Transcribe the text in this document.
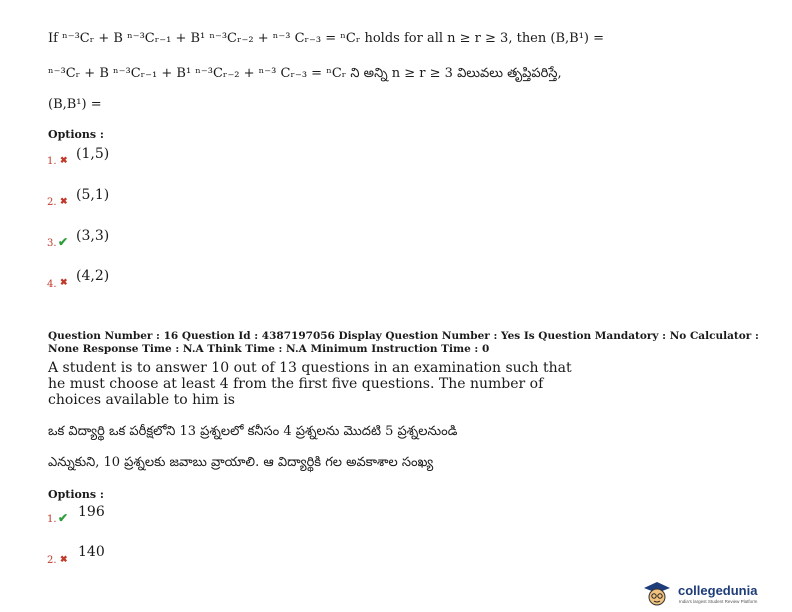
If ⁿ⁻³Cᵣ + B ⁿ⁻³Cᵣ₋₁ + B¹ ⁿ⁻³Cᵣ₋₂ + ⁿ⁻³ Cᵣ₋₃ = ⁿCᵣ holds for all n ≥ r ≥ 3, then (B,B¹) =
ⁿ⁻³Cᵣ + B ⁿ⁻³Cᵣ₋₁ + B¹ ⁿ⁻³Cᵣ₋₂ + ⁿ⁻³ Cᵣ₋₃ = ⁿCᵣ ని అన్ని n ≥ r ≥ 3 విలువలు తృప్తిపరిస్తే,
(B,B¹) =
Options :
1. ✖ (1,5)
2. ✖ (5,1)
3. ✔ (3,3)
4. ✖ (4,2)
Question Number : 16 Question Id : 4387197056 Display Question Number : Yes Is Question Mandatory : No Calculator : None Response Time : N.A Think Time : N.A Minimum Instruction Time : 0
A student is to answer 10 out of 13 questions in an examination such that he must choose at least 4 from the first five questions. The number of choices available to him is
ఒక విద్యార్థి ఒక పరీక్షలోని 13 ప్రశ్నలలో కనీసం 4 ప్రశ్నలను మొదటి 5 ప్రశ్నలనుండి
ఎన్నుకుని, 10 ప్రశ్నలకు జవాబు వ్రాయాలి. ఆ విద్యార్థికి గల అవకాశాల సంఖ్య
Options :
1. ✔ 196
2. ✖ 140
collegedunia
India's largest Student Review Platform
